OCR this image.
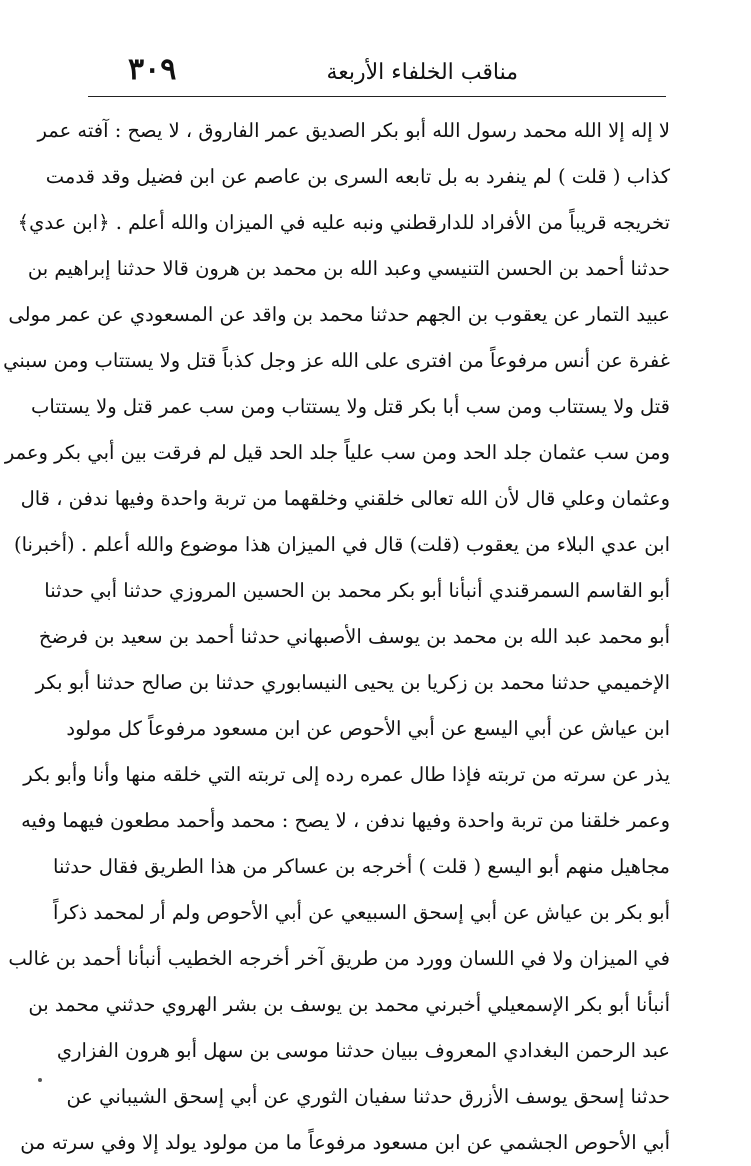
مناقب الخلفاء الأربعة
٣٠٩
لا إله إلا الله محمد رسول الله أبو بكر الصديق عمر الفاروق ، لا يصح : آفته عمر
كذاب ( قلت ) لم ينفرد به بل تابعه السرى بن عاصم عن ابن فضيل وقد قدمت
تخريجه قريباً من الأفراد للدارقطني ونبه عليه في الميزان والله أعلم . ﴿ابن عدي﴾
حدثنا أحمد بن الحسن التنيسي وعبد الله بن محمد بن هرون قالا حدثنا إبراهيم بن
عبيد التمار عن يعقوب بن الجهم حدثنا محمد بن واقد عن المسعودي عن عمر مولى
غفرة عن أنس مرفوعاً من افترى على الله عز وجل كذباً قتل ولا يستتاب ومن سبني
قتل ولا يستتاب ومن سب أبا بكر قتل ولا يستتاب ومن سب عمر قتل ولا يستتاب
ومن سب عثمان جلد الحد ومن سب علياً جلد الحد قيل لم فرقت بين أبي بكر وعمر
وعثمان وعلي قال لأن الله تعالى خلقني وخلقهما من تربة واحدة وفيها ندفن ، قال
ابن عدي البلاء من يعقوب (قلت) قال في الميزان هذا موضوع والله أعلم . (أخبرنا)
أبو القاسم السمرقندي أنبأنا أبو بكر محمد بن الحسين المروزي حدثنا أبي حدثنا
أبو محمد عبد الله بن محمد بن يوسف الأصبهاني حدثنا أحمد بن سعيد بن فرضخ
الإخميمي حدثنا محمد بن زكريا بن يحيى النيسابوري حدثنا بن صالح حدثنا أبو بكر
ابن عياش عن أبي اليسع عن أبي الأحوص عن ابن مسعود مرفوعاً كل مولود
يذر عن سرته من تربته فإذا طال عمره رده إلى تربته التي خلقه منها وأنا وأبو بكر
وعمر خلقنا من تربة واحدة وفيها ندفن ، لا يصح : محمد وأحمد مطعون فيهما وفيه
مجاهيل منهم أبو اليسع ( قلت ) أخرجه بن عساكر من هذا الطريق فقال حدثنا
أبو بكر بن عياش عن أبي إسحق السبيعي عن أبي الأحوص ولم أر لمحمد ذكراً
في الميزان ولا في اللسان وورد من طريق آخر أخرجه الخطيب أنبأنا أحمد بن غالب
أنبأنا أبو بكر الإسمعيلي أخبرني محمد بن يوسف بن بشر الهروي حدثني محمد بن
عبد الرحمن البغدادي المعروف ببيان حدثنا موسى بن سهل أبو هرون الفزاري
حدثنا إسحق يوسف الأزرق حدثنا سفيان الثوري عن أبي إسحق الشيباني عن
أبي الأحوص الجشمي عن ابن مسعود مرفوعاً ما من مولود يولد إلا وفي سرته من
